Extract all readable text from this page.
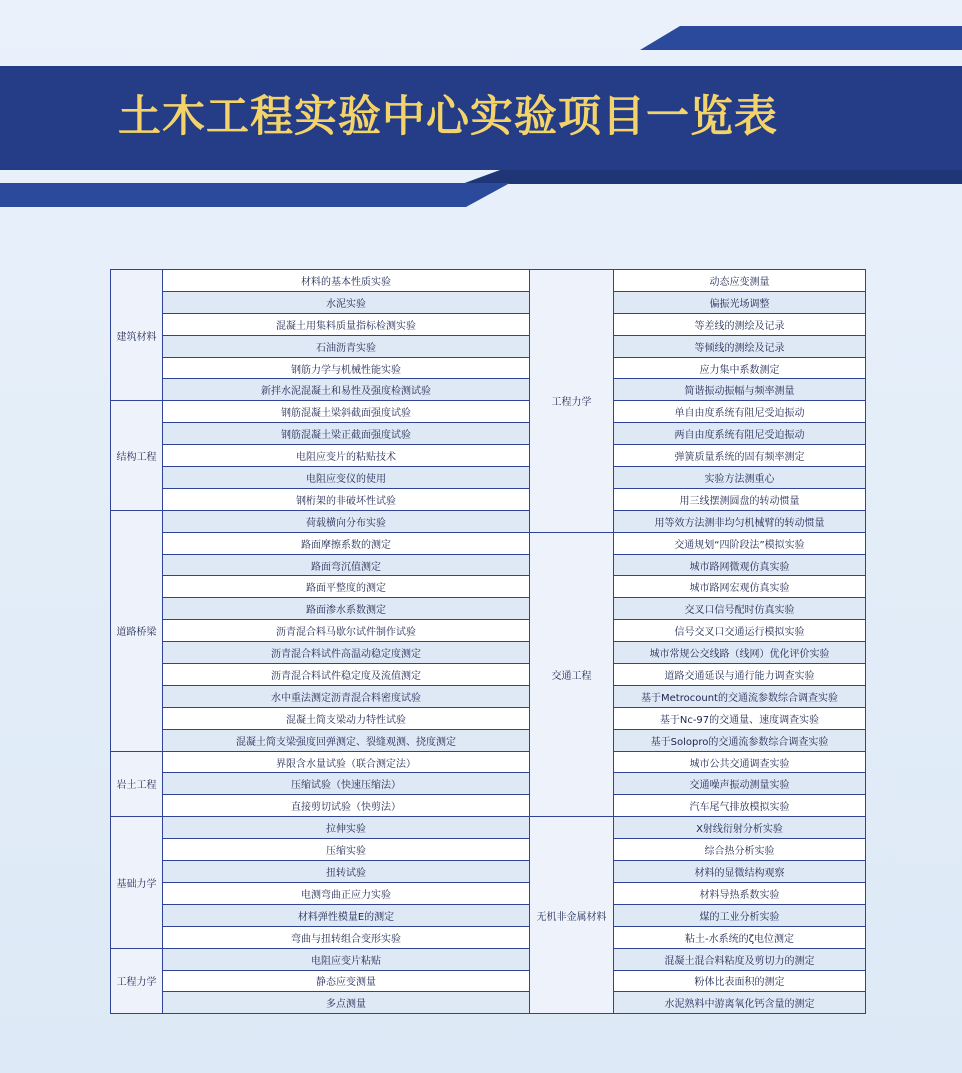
土木工程实验中心实验项目一览表
建筑材料	材料的基本性质实验	工程力学	动态应变测量
	水泥实验		偏振光场调整
	混凝土用集料质量指标检测实验		等差线的测绘及记录
	石油沥青实验		等倾线的测绘及记录
	钢筋力学与机械性能实验		应力集中系数测定
	新拌水泥混凝土和易性及强度检测试验		简谐振动振幅与频率测量
结构工程	钢筋混凝土梁斜截面强度试验		单自由度系统有阻尼受迫振动
	钢筋混凝土梁正截面强度试验		两自由度系统有阻尼受迫振动
	电阻应变片的粘贴技术		弹簧质量系统的固有频率测定
	电阻应变仪的使用		实验方法测重心
	钢桁架的非破坏性试验		用三线摆测圆盘的转动惯量
道路桥梁	荷载横向分布实验		用等效方法测非均匀机械臂的转动惯量
	路面摩擦系数的测定	交通工程	交通规划“四阶段法”模拟实验
	路面弯沉值测定		城市路网微观仿真实验
	路面平整度的测定		城市路网宏观仿真实验
	路面渗水系数测定		交叉口信号配时仿真实验
	沥青混合料马歇尔试件制作试验		信号交叉口交通运行模拟实验
	沥青混合料试件高温动稳定度测定		城市常规公交线路（线网）优化评价实验
	沥青混合料试件稳定度及流值测定		道路交通延误与通行能力调查实验
	水中重法测定沥青混合料密度试验		基于Metrocount的交通流参数综合调查实验
	混凝土简支梁动力特性试验		基于Nc-97的交通量、速度调查实验
	混凝土简支梁强度回弹测定、裂缝观测、挠度测定		基于Solopro的交通流参数综合调查实验
岩土工程	界限含水量试验（联合测定法）		城市公共交通调查实验
	压缩试验（快速压缩法）		交通噪声振动测量实验
	直接剪切试验（快剪法）		汽车尾气排放模拟实验
基础力学	拉伸实验	无机非金属材料	X射线衍射分析实验
	压缩实验		综合热分析实验
	扭转试验		材料的显微结构观察
	电测弯曲正应力实验		材料导热系数实验
	材料弹性模量E的测定		煤的工业分析实验
	弯曲与扭转组合变形实验		粘土-水系统的ζ电位测定
工程力学	电阻应变片粘贴		混凝土混合料粘度及剪切力的测定
	静态应变测量		粉体比表面积的测定
	多点测量		水泥熟料中游离氧化钙含量的测定
